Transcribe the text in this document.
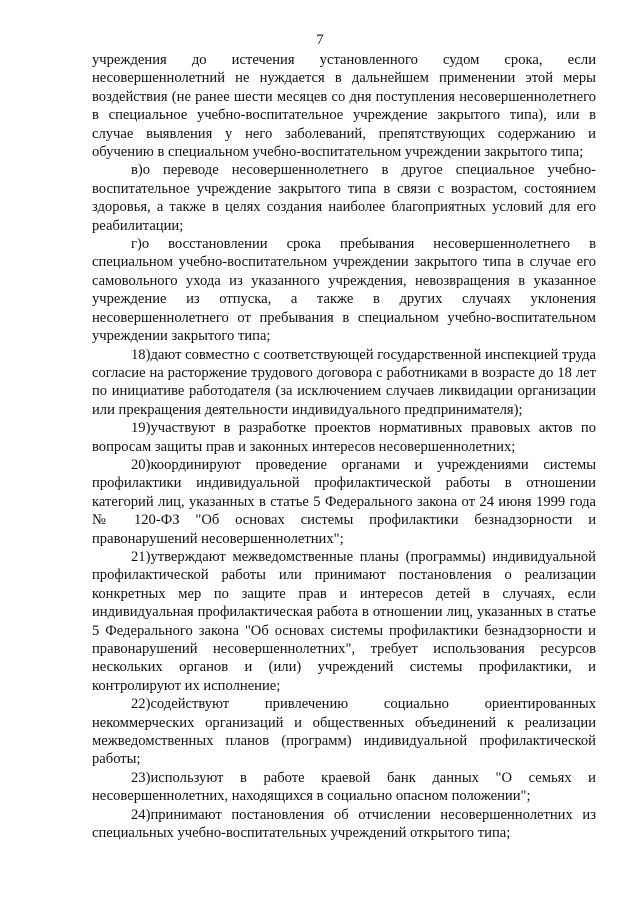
7

учреждения до истечения установленного судом срока, если несовершеннолетний не нуждается в дальнейшем применении этой меры воздействия (не ранее шести месяцев со дня поступления несовершеннолетнего в специальное учебно-воспитательное учреждение закрытого типа), или в случае выявления у него заболеваний, препятствующих содержанию и обучению в специальном учебно-воспитательном учреждении закрытого типа;

в)о переводе несовершеннолетнего в другое специальное учебно-воспитательное учреждение закрытого типа в связи с возрастом, состоянием здоровья, а также в целях создания наиболее благоприятных условий для его реабилитации;

г)о восстановлении срока пребывания несовершеннолетнего в специальном учебно-воспитательном учреждении закрытого типа в случае его самовольного ухода из указанного учреждения, невозвращения в указанное учреждение из отпуска, а также в других случаях уклонения несовершеннолетнего от пребывания в специальном учебно-воспитательном учреждении закрытого типа;

18)дают совместно с соответствующей государственной инспекцией труда согласие на расторжение трудового договора с работниками в возрасте до 18 лет по инициативе работодателя (за исключением случаев ликвидации организации или прекращения деятельности индивидуального предпринимателя);

19)участвуют в разработке проектов нормативных правовых актов по вопросам защиты прав и законных интересов несовершеннолетних;

20)координируют проведение органами и учреждениями системы профилактики индивидуальной профилактической работы в отношении категорий лиц, указанных в статье 5 Федерального закона от 24 июня 1999 года № 120-ФЗ "Об основах системы профилактики безнадзорности и правонарушений несовершеннолетних";

21)утверждают межведомственные планы (программы) индивидуальной профилактической работы или принимают постановления о реализации конкретных мер по защите прав и интересов детей в случаях, если индивидуальная профилактическая работа в отношении лиц, указанных в статье 5 Федерального закона "Об основах системы профилактики безнадзорности и правонарушений несовершеннолетних", требует использования ресурсов нескольких органов и (или) учреждений системы профилактики, и контролируют их исполнение;

22)содействуют привлечению социально ориентированных некоммерческих организаций и общественных объединений к реализации межведомственных планов (программ) индивидуальной профилактической работы;

23)используют в работе краевой банк данных "О семьях и несовершеннолетних, находящихся в социально опасном положении";

24)принимают постановления об отчислении несовершеннолетних из специальных учебно-воспитательных учреждений открытого типа;
